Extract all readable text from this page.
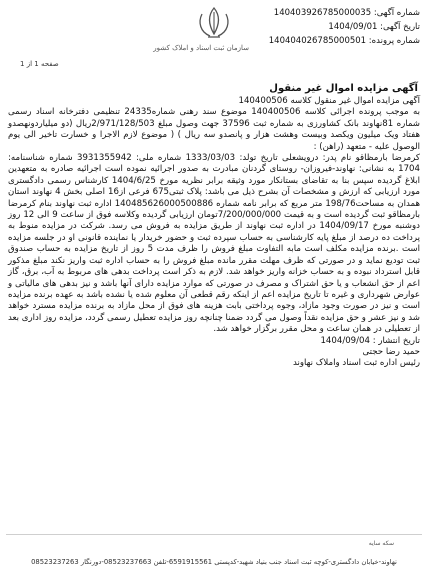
سازمان ثبت اسناد و املاک کشور
شماره آگهی: 140403926785000035
تاریخ آگهی: 1404/09/01
شماره پرونده: 140404026785000501
صفحه 1 از 1
آگهی مزایده اموال غیر منقول

آگهی مزایده اموال غیر منقول کلاسه 140400506

به موجب پرونده اجرائی کلاسه 140400506 موضوع سند رهنی شماره24335 تنظیمی دفترخانه اسناد رسمی شماره 81نهاوند بانک کشاورزی به شماره ثبت 37596 جهت وصول مبلغ 2/971/128/503ریال (دو میلیاردونهصدو هفتاد ویک میلیون ویکصد وبیست وهشت هزار و پانصدو سه ریال ) ( موضوع لازم الاجرا و خسارت تاخیر الی یوم الوصول علیه - متعهد (راهن) :

کرمرضا بارمظاقو نام پدر: درویشعلی تاریخ تولد: 1333/03/03 شماره ملی: 3931355942 شماره شناسنامه: 1704 به نشانی: نهاوند-فیروزان- روستای گردنان مبادرت به صدور اجرائیه نموده است اجرائیه صادره به متعهدین ابلاغ گردیده سپس بنا به تقاضای بستانکار مورد وثیقه برابر نظریه مورخ 1404/6/25 کارشناس رسمی دادگستری مورد ارزیابی که ارزش و مشخصات آن بشرح ذیل می باشد: پلاک ثبتی675 فرعی از16 اصلی بخش 4 نهاوند استان همدان به مساحت198/76 متر مربع که برابر نامه شماره 140485626000500886 اداره ثبت نهاوند بنام کرمرضا بارمظاقو ثبت گردیده است و به قیمت 7/200/000/000تومان ارزیابی گردیده وکلاسه فوق از ساعت 9 الی 12 روز دوشنبه مورخ 1404/09/17 در اداره ثبت نهاوند از طریق مزایده به فروش می رسد. شرکت در مزایده منوط به پرداخت ده درصد از مبلغ پایه کارشناسی به حساب سپرده ثبت و حضور خریدار یا نماینده قانونی او در جلسه مزایده است .برنده مزایده مکلف است مابه التفاوت مبلغ فروش را ظرف مدت 5 روز از تاریخ مزایده به حساب صندوق ثبت تودیع نماید و در صورتی که ظرف مهلت مقرر مانده مبلغ فروش را به حساب اداره ثبت واریز نکند مبلغ مذکور قابل استرداد نبوده و به حساب خزانه واریز خواهد شد. لازم به ذکر است پرداخت بدهی های مربوط به آب، برق، گاز اعم از حق انشعاب و یا حق اشتراک و مصرف در صورتی که موارد مزایده دارای آنها باشد و نیز بدهی های مالیاتی و عوارض شهرداری و غیره تا تاریخ مزایده اعم از اینکه رقم قطعی آن معلوم شده یا نشده باشد به عهده برنده مزایده است و نیز در صورت وجود مازاد، وجوه پرداختی بابت هزینه های فوق از محل مازاد به برنده مزایده مسترد خواهد شد و نیز عشر و حق مزایده نقداً وصول می گردد ضمنا چنانچه روز مزایده تعطیل رسمی گردد، مزایده روز اداری بعد از تعطیلی در همان ساعت و محل مقرر برگزار خواهد شد.

تاریخ انتشار : 1404/09/04

حمید رضا حجتی

رئیس اداره ثبت اسناد واملاک نهاوند

سکه سایه
نهاوند-خیابان دادگستری-کوچه ثبت اسناد جنب بنیاد شهید-کدپستی 6591915561-تلفن 08523237663-دورنگار 08523237263
